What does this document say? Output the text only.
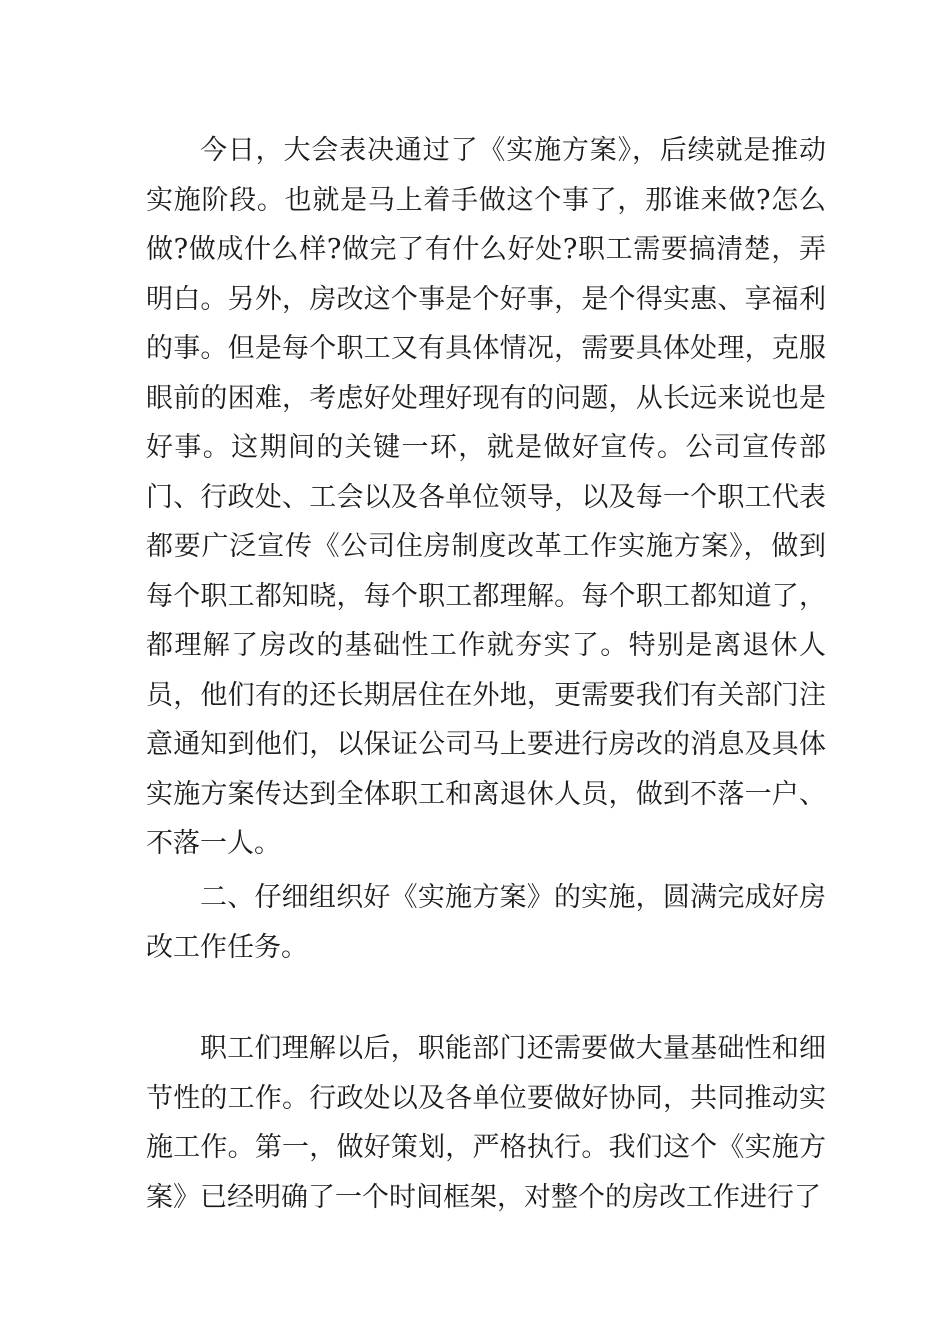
今日，大会表决通过了《实施方案》，后续就是推动实施阶段。也就是马上着手做这个事了，那谁来做?怎么做?做成什么样?做完了有什么好处?职工需要搞清楚，弄明白。另外，房改这个事是个好事，是个得实惠、享福利的事。但是每个职工又有具体情况，需要具体处理，克服眼前的困难，考虑好处理好现有的问题，从长远来说也是好事。这期间的关键一环，就是做好宣传。公司宣传部门、行政处、工会以及各单位领导，以及每一个职工代表都要广泛宣传《公司住房制度改革工作实施方案》，做到每个职工都知晓，每个职工都理解。每个职工都知道了，都理解了房改的基础性工作就夯实了。特别是离退休人员，他们有的还长期居住在外地，更需要我们有关部门注意通知到他们，以保证公司马上要进行房改的消息及具体实施方案传达到全体职工和离退休人员，做到不落一户、不落一人。

二、仔细组织好《实施方案》的实施，圆满完成好房改工作任务。

职工们理解以后，职能部门还需要做大量基础性和细节性的工作。行政处以及各单位要做好协同，共同推动实施工作。第一，做好策划，严格执行。我们这个《实施方案》已经明确了一个时间框架，对整个的房改工作进行了
